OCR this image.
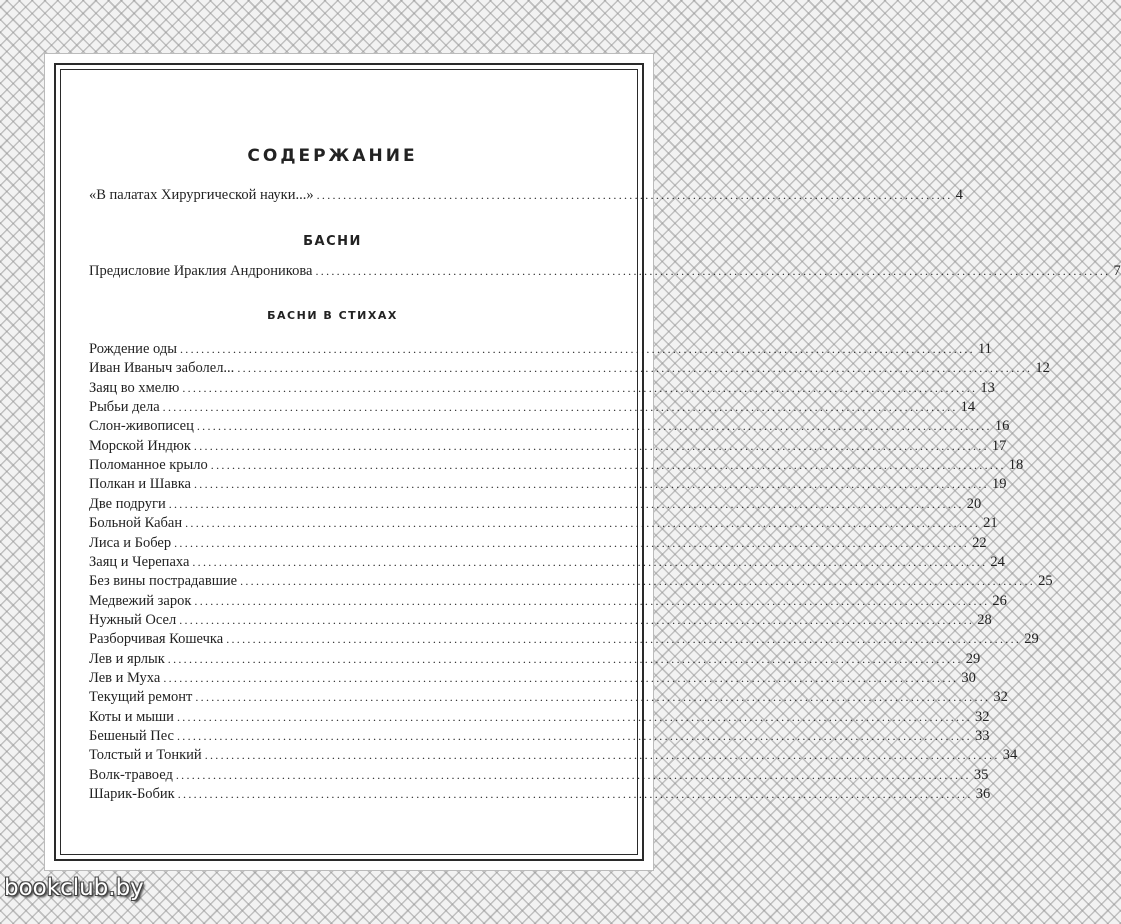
СОДЕРЖАНИЕ
«В палатах Хирургической науки...» ........................................................................................................................ 4
БАСНИ
Предисловие Ираклия Андроникова ...................................................................................................................................................... 7
БАСНИ В СТИХАХ
Рождение оды ...................................................................................................................................................... 11
Иван Иваныч заболел... ...................................................................................................................................................... 12
Заяц во хмелю ...................................................................................................................................................... 13
Рыбьи дела ...................................................................................................................................................... 14
Слон-живописец ...................................................................................................................................................... 16
Морской Индюк ...................................................................................................................................................... 17
Поломанное крыло ...................................................................................................................................................... 18
Полкан и Шавка ...................................................................................................................................................... 19
Две подруги ...................................................................................................................................................... 20
Больной Кабан ...................................................................................................................................................... 21
Лиса и Бобер ...................................................................................................................................................... 22
Заяц и Черепаха ...................................................................................................................................................... 24
Без вины пострадавшие ...................................................................................................................................................... 25
Медвежий зарок ...................................................................................................................................................... 26
Нужный Осел ...................................................................................................................................................... 28
Разборчивая Кошечка ...................................................................................................................................................... 29
Лев и ярлык ...................................................................................................................................................... 29
Лев и Муха ...................................................................................................................................................... 30
Текущий ремонт ...................................................................................................................................................... 32
Коты и мыши ...................................................................................................................................................... 32
Бешеный Пес ...................................................................................................................................................... 33
Толстый и Тонкий ...................................................................................................................................................... 34
Волк-травоед ...................................................................................................................................................... 35
Шарик-Бобик ...................................................................................................................................................... 36
bookclub.by
